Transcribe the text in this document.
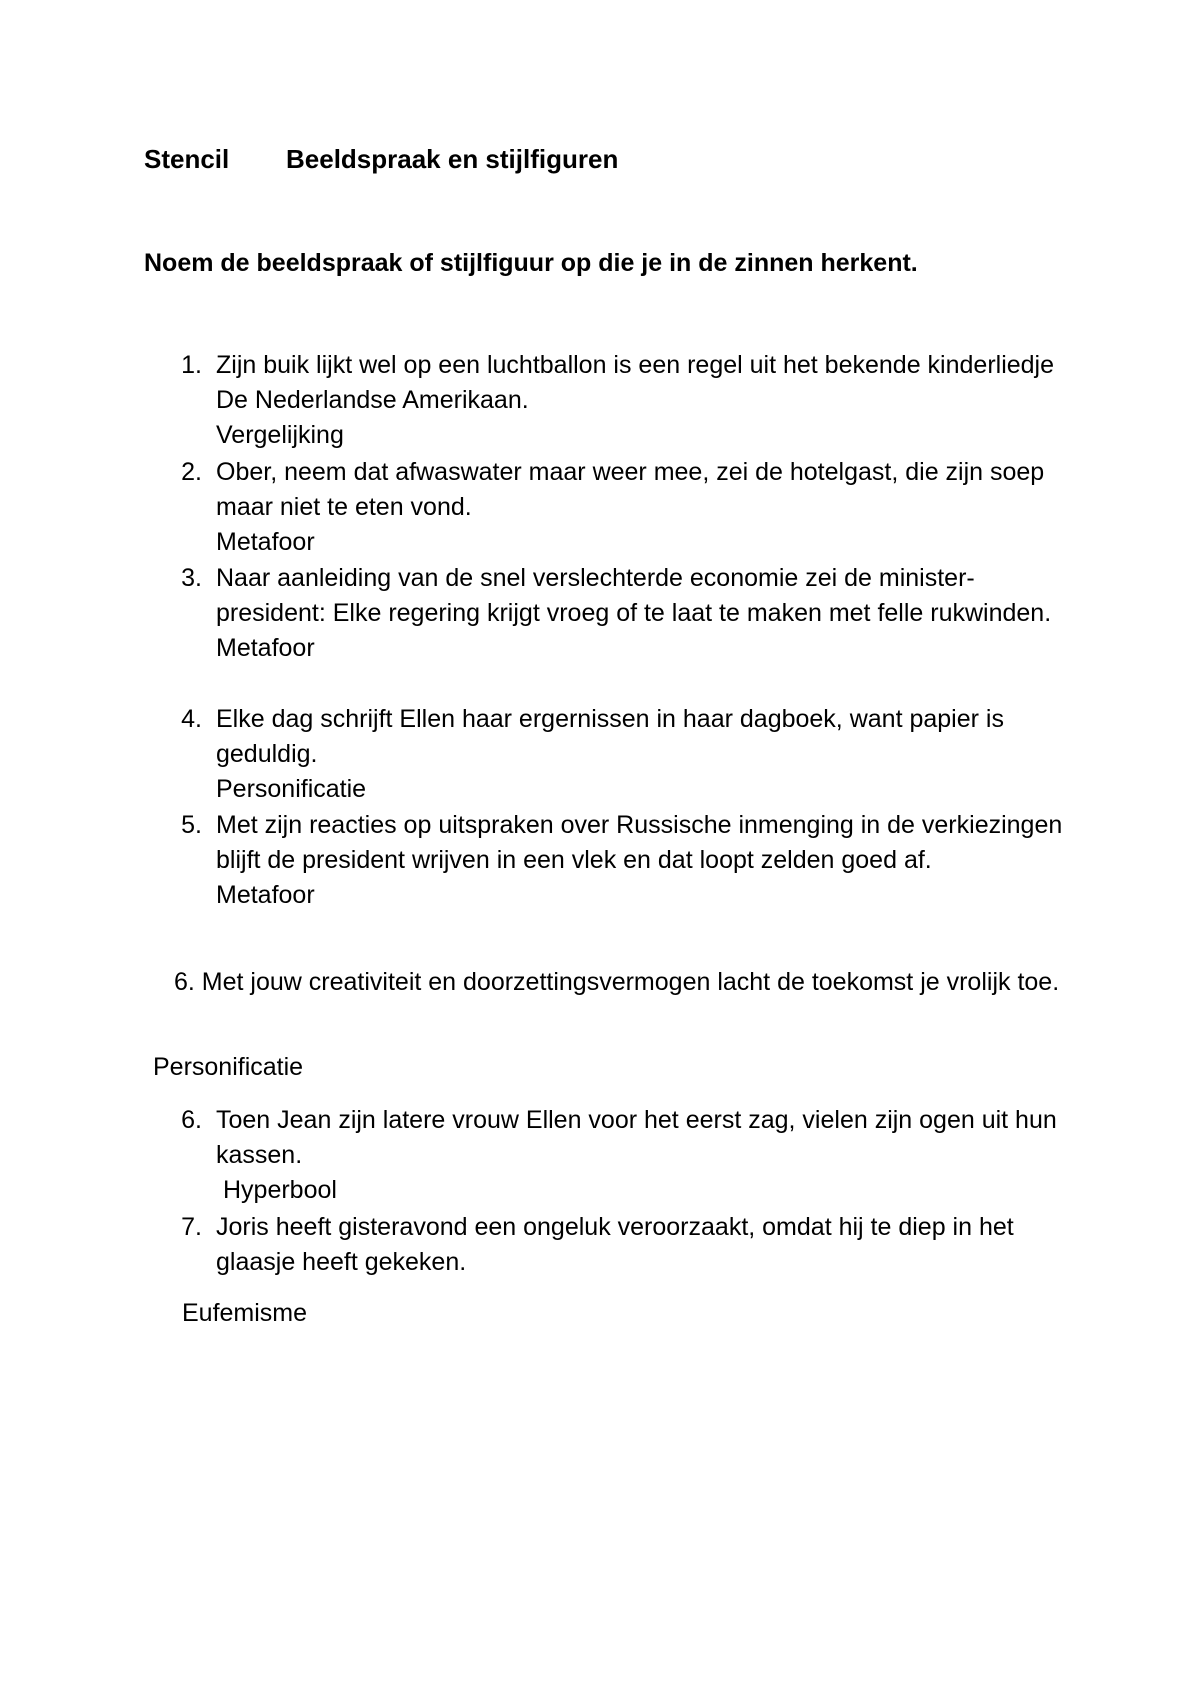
Stencil Beeldspraak en stijlfiguren
Noem de beeldspraak of stijlfiguur op die je in de zinnen herkent.
1. Zijn buik lijkt wel op een luchtballon is een regel uit het bekende kinderliedje De Nederlandse Amerikaan.
Vergelijking
2. Ober, neem dat afwaswater maar weer mee, zei de hotelgast, die zijn soep maar niet te eten vond.
Metafoor
3. Naar aanleiding van de snel verslechterde economie zei de minister-president: Elke regering krijgt vroeg of te laat te maken met felle rukwinden.
Metafoor
4. Elke dag schrijft Ellen haar ergernissen in haar dagboek, want papier is geduldig.
Personificatie
5. Met zijn reacties op uitspraken over Russische inmenging in de verkiezingen blijft de president wrijven in een vlek en dat loopt zelden goed af.
Metafoor
6. Met jouw creativiteit en doorzettingsvermogen lacht de toekomst je vrolijk toe.
Personificatie
6. Toen Jean zijn latere vrouw Ellen voor het eerst zag, vielen zijn ogen uit hun kassen.
Hyperbool
7. Joris heeft gisteravond een ongeluk veroorzaakt, omdat hij te diep in het glaasje heeft gekeken.
Eufemisme
